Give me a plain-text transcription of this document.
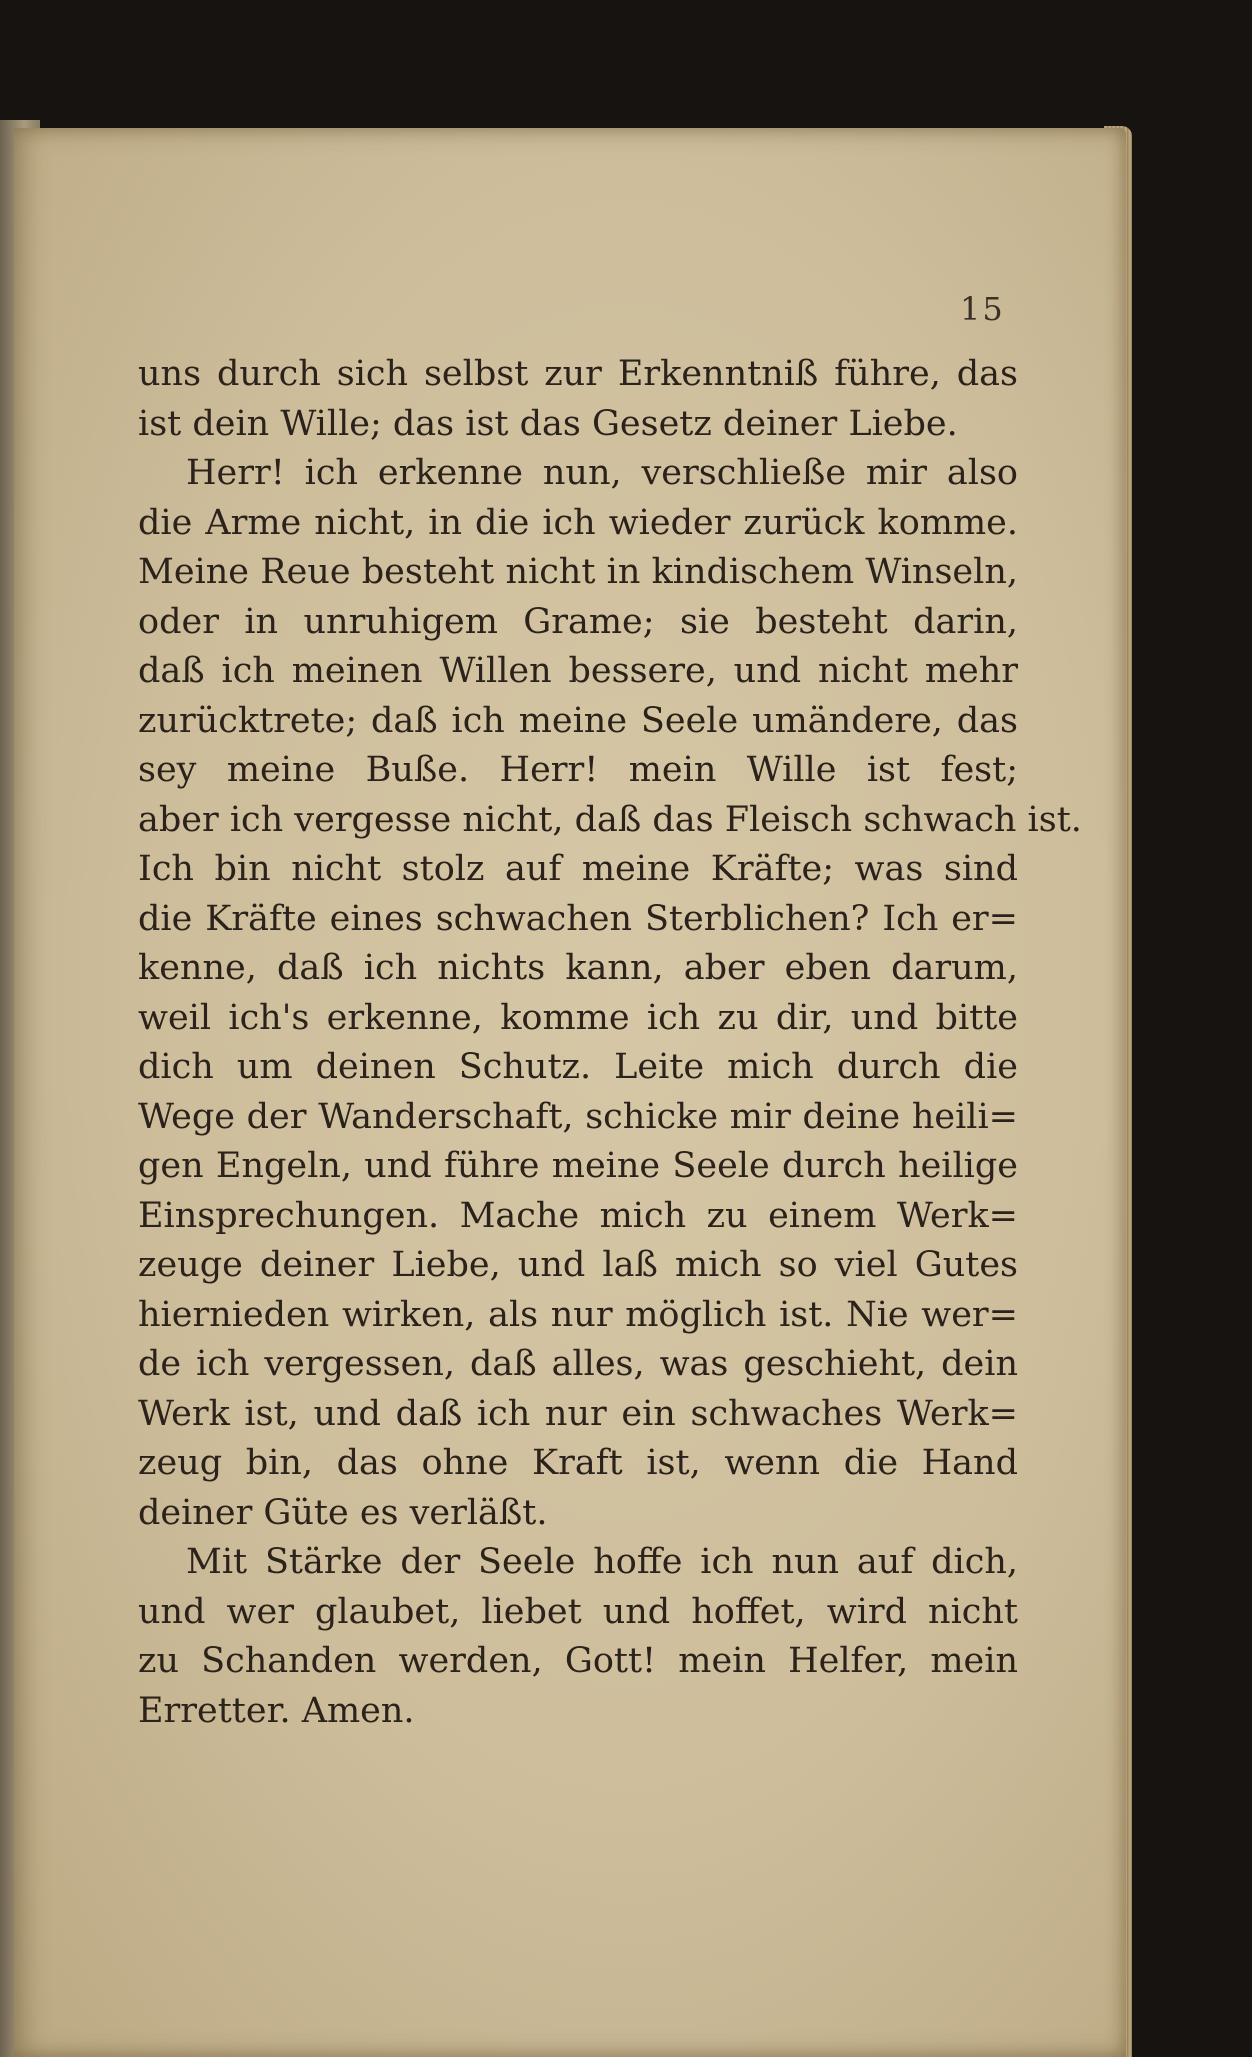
15
uns durch sich selbst zur Erkenntniß führe, das
ist dein Wille; das ist das Gesetz deiner Liebe.
Herr! ich erkenne nun, verschließe mir also
die Arme nicht, in die ich wieder zurück komme.
Meine Reue besteht nicht in kindischem Winseln,
oder in unruhigem Grame; sie besteht darin,
daß ich meinen Willen bessere, und nicht mehr
zurücktrete; daß ich meine Seele umändere, das
sey meine Buße. Herr! mein Wille ist fest;
aber ich vergesse nicht, daß das Fleisch schwach ist.
Ich bin nicht stolz auf meine Kräfte; was sind
die Kräfte eines schwachen Sterblichen? Ich er=
kenne, daß ich nichts kann, aber eben darum,
weil ich's erkenne, komme ich zu dir, und bitte
dich um deinen Schutz. Leite mich durch die
Wege der Wanderschaft, schicke mir deine heili=
gen Engeln, und führe meine Seele durch heilige
Einsprechungen. Mache mich zu einem Werk=
zeuge deiner Liebe, und laß mich so viel Gutes
hiernieden wirken, als nur möglich ist. Nie wer=
de ich vergessen, daß alles, was geschieht, dein
Werk ist, und daß ich nur ein schwaches Werk=
zeug bin, das ohne Kraft ist, wenn die Hand
deiner Güte es verläßt.
Mit Stärke der Seele hoffe ich nun auf dich,
und wer glaubet, liebet und hoffet, wird nicht
zu Schanden werden, Gott! mein Helfer, mein
Erretter. Amen.
